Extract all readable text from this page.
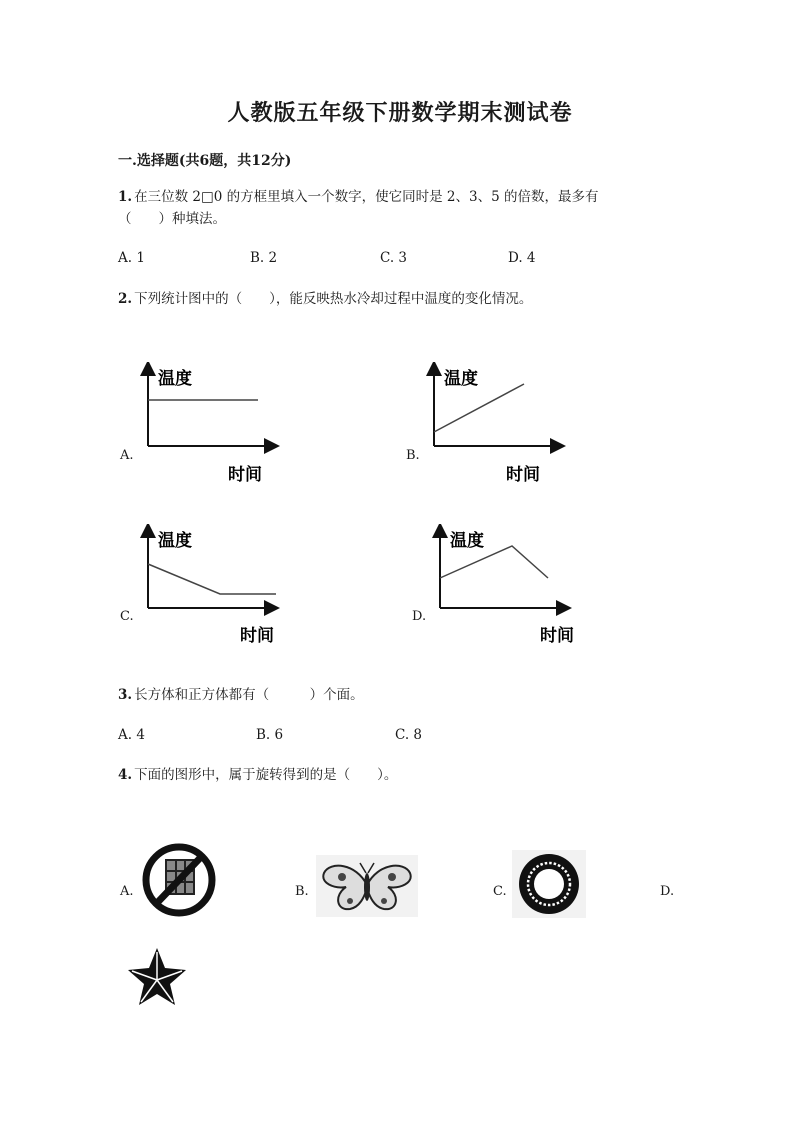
人教版五年级下册数学期末测试卷
一.选择题(共6题，共12分)
1. 在三位数 2□0 的方框里填入一个数字，使它同时是 2、3、5 的倍数，最多有
（　　）种填法。
A. 1	B. 2	C. 3	D. 4
2. 下列统计图中的（　　），能反映热水冷却过程中温度的变化情况。
A.
温度
时间
B.
温度
时间
C.
温度
时间
D.
温度
时间
3. 长方体和正方体都有（　　　）个面。
A. 4	B. 6	C. 8
4. 下面的图形中，属于旋转得到的是（　　）。
A.	B.	C.	D.
